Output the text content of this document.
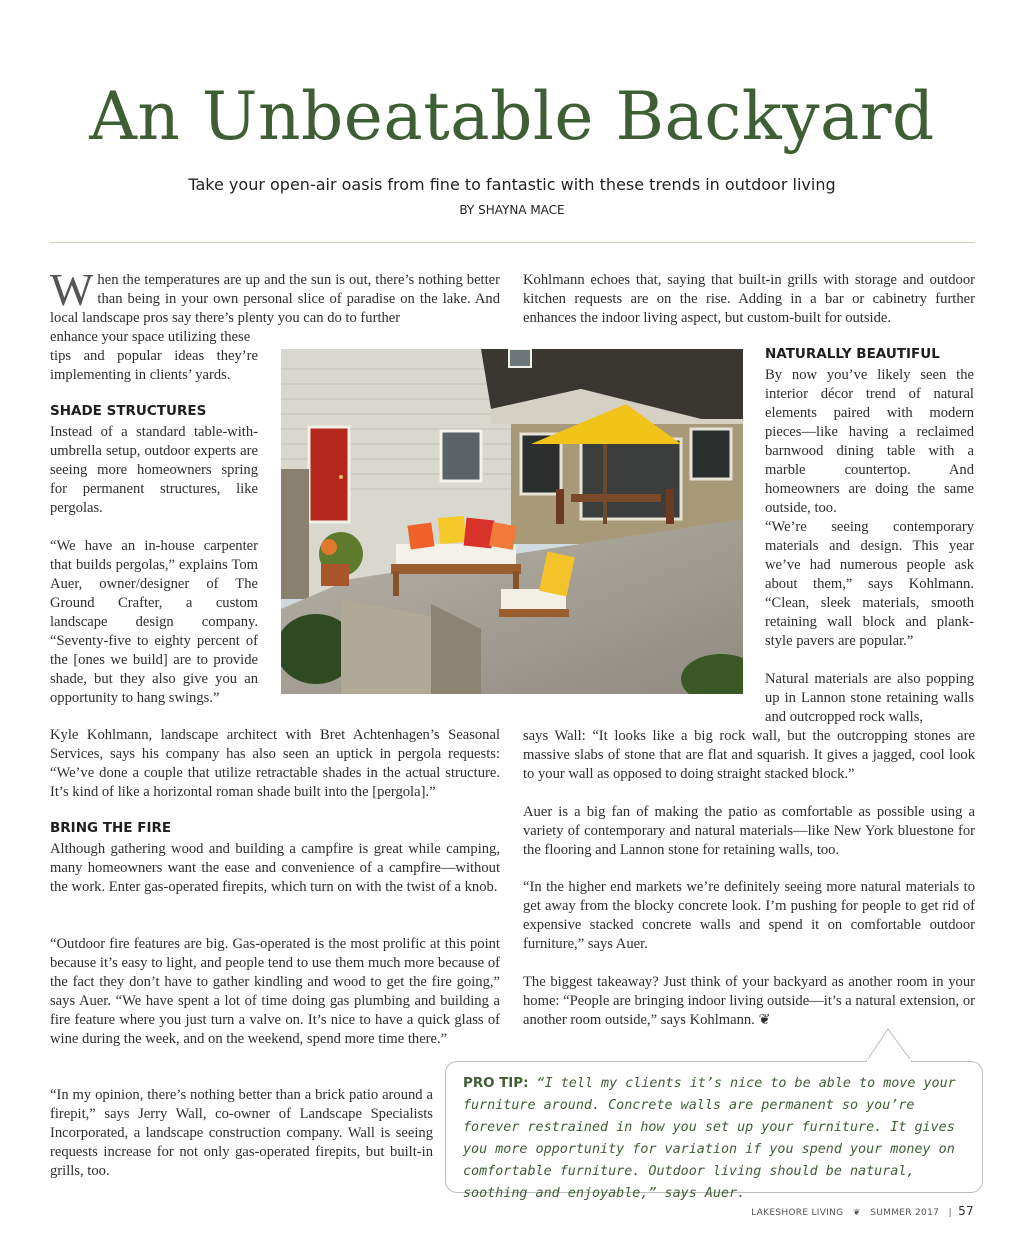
An Unbeatable Backyard
Take your open-air oasis from fine to fantastic with these trends in outdoor living
BY SHAYNA MACE

When the temperatures are up and the sun is out, there’s nothing better than being in your own personal slice of paradise on the lake. And local landscape pros say there’s plenty you can do to further

enhance your space utilizing these

tips and popular ideas they’re implementing in clients’ yards.

SHADE STRUCTURES

Instead of a standard table-with-umbrella setup, outdoor experts are seeing more homeowners spring for permanent structures, like pergolas.

“We have an in-house carpenter that builds pergolas,” explains Tom Auer, owner/designer of The Ground Crafter, a custom landscape design company. “Seventy-five to eighty percent of the [ones we build] are to provide shade, but they also give you an opportunity to hang swings.”

Kyle Kohlmann, landscape architect with Bret Achtenhagen’s Seasonal Services, says his company has also seen an uptick in pergola requests: “We’ve done a couple that utilize retractable shades in the actual structure. It’s kind of like a horizontal roman shade built into the [pergola].”

BRING THE FIRE

Although gathering wood and building a campfire is great while camping, many homeowners want the ease and convenience of a campfire—without the work. Enter gas-operated firepits, which turn on with the twist of a knob.

“Outdoor fire features are big. Gas-operated is the most prolific at this point because it’s easy to light, and people tend to use them much more because of the fact they don’t have to gather kindling and wood to get the fire going,” says Auer. “We have spent a lot of time doing gas plumbing and building a fire feature where you just turn a valve on. It’s nice to have a quick glass of wine during the week, and on the weekend, spend more time there.”

“In my opinion, there’s nothing better than a brick patio around a firepit,” says Jerry Wall, co-owner of Landscape Specialists Incorporated, a landscape construction company. Wall is seeing requests increase for not only gas-operated firepits, but built-in grills, too.

Kohlmann echoes that, saying that built-in grills with storage and outdoor kitchen requests are on the rise. Adding in a bar or cabinetry further enhances the indoor living aspect, but custom-built for outside.

NATURALLY BEAUTIFUL

By now you’ve likely seen the interior décor trend of natural elements paired with modern pieces—like having a reclaimed barnwood dining table with a marble countertop. And homeowners are doing the same outside, too.

“We’re seeing contemporary materials and design. This year we’ve had numerous people ask about them,” says Kohlmann. “Clean, sleek materials, smooth retaining wall block and plank-style pavers are popular.”

Natural materials are also popping up in Lannon stone retaining walls and outcropped rock walls,

says Wall: “It looks like a big rock wall, but the outcropping stones are massive slabs of stone that are flat and squarish. It gives a jagged, cool look to your wall as opposed to doing straight stacked block.”

Auer is a big fan of making the patio as comfortable as possible using a variety of contemporary and natural materials—like New York bluestone for the flooring and Lannon stone for retaining walls, too.

“In the higher end markets we’re definitely seeing more natural materials to get away from the blocky concrete look. I’m pushing for people to get rid of expensive stacked concrete walls and spend it on comfortable outdoor furniture,” says Auer.

The biggest takeaway? Just think of your backyard as another room in your home: “People are bringing indoor living outside—it’s a natural extension, or another room outside,” says Kohlmann. ❦

PRO TIP: “I tell my clients it’s nice to be able to move your furniture around. Concrete walls are permanent so you’re forever restrained in how you set up your furniture. It gives you more opportunity for variation if you spend your money on comfortable furniture. Outdoor living should be natural, soothing and enjoyable,” says Auer.

LAKESHORE LIVING ❦ SUMMER 2017 | 57
